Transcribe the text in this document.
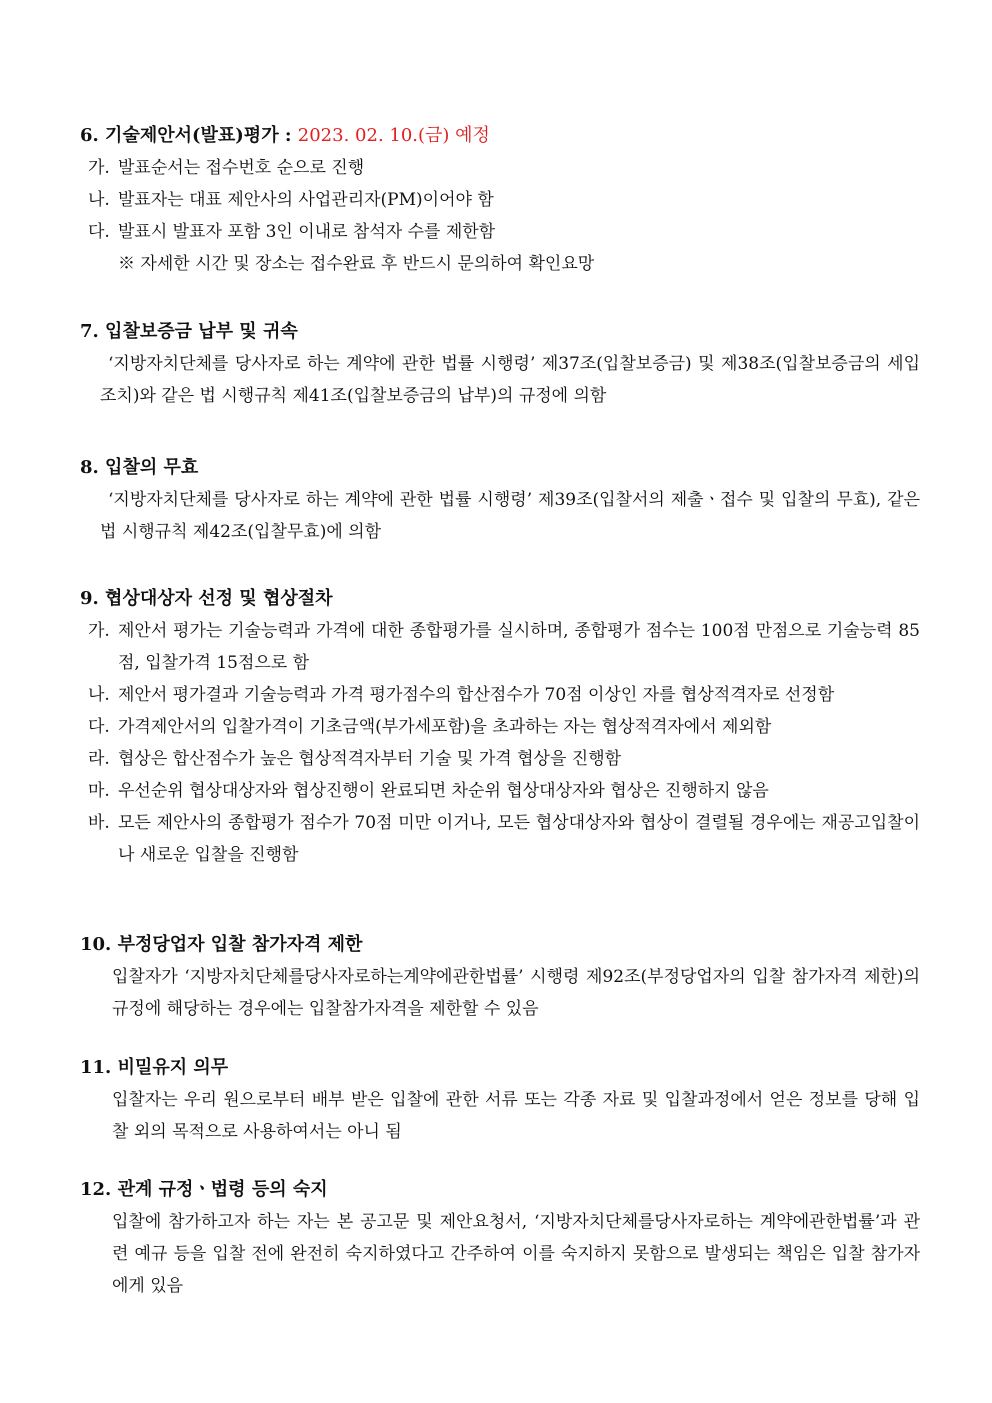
6. 기술제안서(발표)평가 : 2023. 02. 10.(금) 예정
가. 발표순서는 접수번호 순으로 진행
나. 발표자는 대표 제안사의 사업관리자(PM)이어야 함
다. 발표시 발표자 포함 3인 이내로 참석자 수를 제한함
※ 자세한 시간 및 장소는 접수완료 후 반드시 문의하여 확인요망
7. 입찰보증금 납부 및 귀속
‘지방자치단체를 당사자로 하는 계약에 관한 법률 시행령’ 제37조(입찰보증금) 및 제38조(입찰보증금의 세입조치)와 같은 법 시행규칙 제41조(입찰보증금의 납부)의 규정에 의함
8. 입찰의 무효
‘지방자치단체를 당사자로 하는 계약에 관한 법률 시행령’ 제39조(입찰서의 제출ㆍ접수 및 입찰의 무효), 같은 법 시행규칙 제42조(입찰무효)에 의함
9. 협상대상자 선정 및 협상절차
가. 제안서 평가는 기술능력과 가격에 대한 종합평가를 실시하며, 종합평가 점수는 100점 만점으로 기술능력 85점, 입찰가격 15점으로 함
나. 제안서 평가결과 기술능력과 가격 평가점수의 합산점수가 70점 이상인 자를 협상적격자로 선정함
다. 가격제안서의 입찰가격이 기초금액(부가세포함)을 초과하는 자는 협상적격자에서 제외함
라. 협상은 합산점수가 높은 협상적격자부터 기술 및 가격 협상을 진행함
마. 우선순위 협상대상자와 협상진행이 완료되면 차순위 협상대상자와 협상은 진행하지 않음
바. 모든 제안사의 종합평가 점수가 70점 미만 이거나, 모든 협상대상자와 협상이 결렬될 경우에는 재공고입찰이나 새로운 입찰을 진행함
10. 부정당업자 입찰 참가자격 제한
입찰자가 ‘지방자치단체를당사자로하는계약에관한법률’ 시행령 제92조(부정당업자의 입찰 참가자격 제한)의 규정에 해당하는 경우에는 입찰참가자격을 제한할 수 있음
11. 비밀유지 의무
입찰자는 우리 원으로부터 배부 받은 입찰에 관한 서류 또는 각종 자료 및 입찰과정에서 얻은 정보를 당해 입찰 외의 목적으로 사용하여서는 아니 됨
12. 관계 규정ㆍ법령 등의 숙지
입찰에 참가하고자 하는 자는 본 공고문 및 제안요청서, ‘지방자치단체를당사자로하는 계약에관한법률’과 관련 예규 등을 입찰 전에 완전히 숙지하였다고 간주하여 이를 숙지하지 못함으로 발생되는 책임은 입찰 참가자에게 있음
